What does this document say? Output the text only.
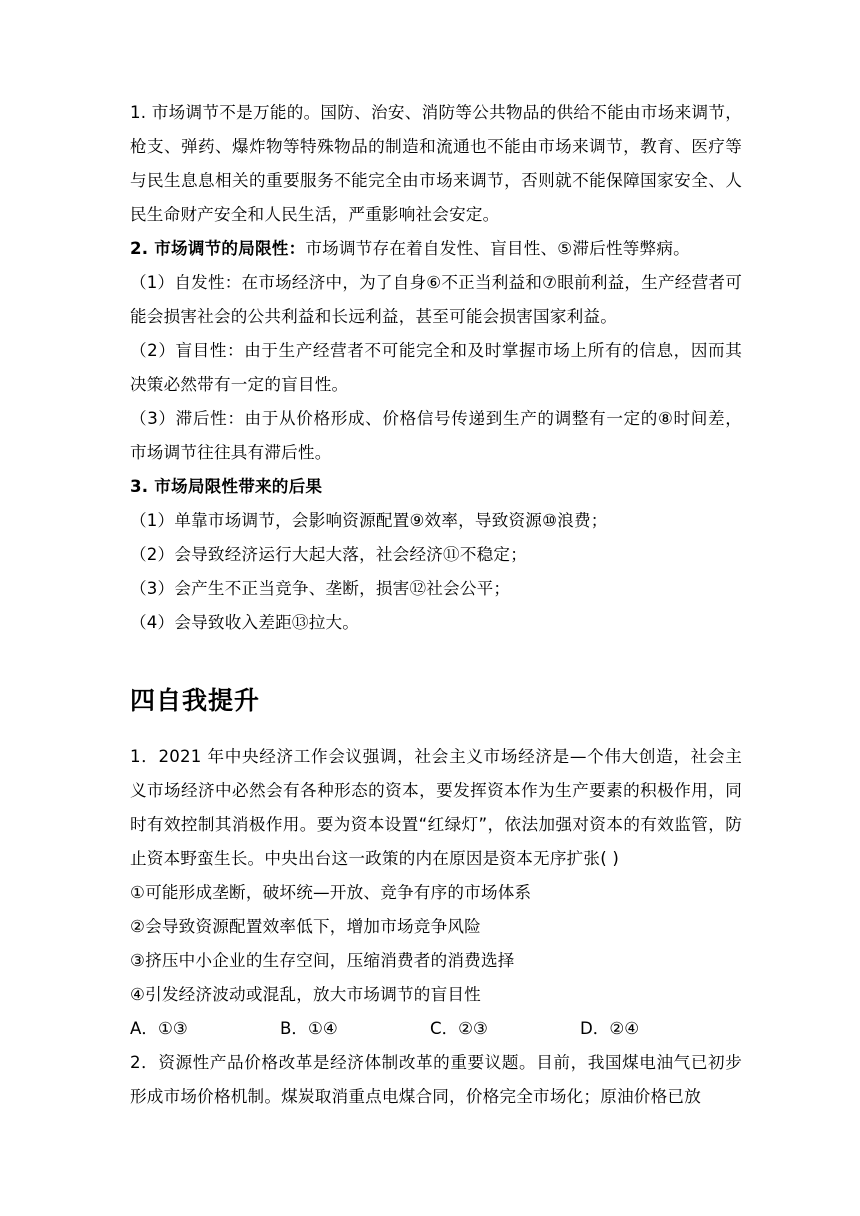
1. 市场调节不是万能的。国防、治安、消防等公共物品的供给不能由市场来调节，枪支、弹药、爆炸物等特殊物品的制造和流通也不能由市场来调节，教育、医疗等与民生息息相关的重要服务不能完全由市场来调节，否则就不能保障国家安全、人民生命财产安全和人民生活，严重影响社会安定。

2. 市场调节的局限性：市场调节存在着自发性、盲目性、⑤滞后性等弊病。

（1）自发性：在市场经济中，为了自身⑥不正当利益和⑦眼前利益，生产经营者可能会损害社会的公共利益和长远利益，甚至可能会损害国家利益。

（2）盲目性：由于生产经营者不可能完全和及时掌握市场上所有的信息，因而其决策必然带有一定的盲目性。

（3）滞后性：由于从价格形成、价格信号传递到生产的调整有一定的⑧时间差，市场调节往往具有滞后性。

3. 市场局限性带来的后果

（1）单靠市场调节，会影响资源配置⑨效率，导致资源⑩浪费；

（2）会导致经济运行大起大落，社会经济⑪不稳定；

（3）会产生不正当竞争、垄断，损害⑫社会公平；

（4）会导致收入差距⑬拉大。

四自我提升

1．2021 年中央经济工作会议强调，社会主义市场经济是—个伟大创造，社会主义市场经济中必然会有各种形态的资本，要发挥资本作为生产要素的积极作用，同时有效控制其消极作用。要为资本设置“红绿灯”，依法加强对资本的有效监管，防止资本野蛮生长。中央出台这一政策的内在原因是资本无序扩张( )

①可能形成垄断，破坏统—开放、竞争有序的市场体系

②会导致资源配置效率低下，增加市场竞争风险

③挤压中小企业的生存空间，压缩消费者的消费选择

④引发经济波动或混乱，放大市场调节的盲目性

A．①③	B．①④	C．②③	D．②④

2．资源性产品价格改革是经济体制改革的重要议题。目前，我国煤电油气已初步形成市场价格机制。煤炭取消重点电煤合同，价格完全市场化；原油价格已放
